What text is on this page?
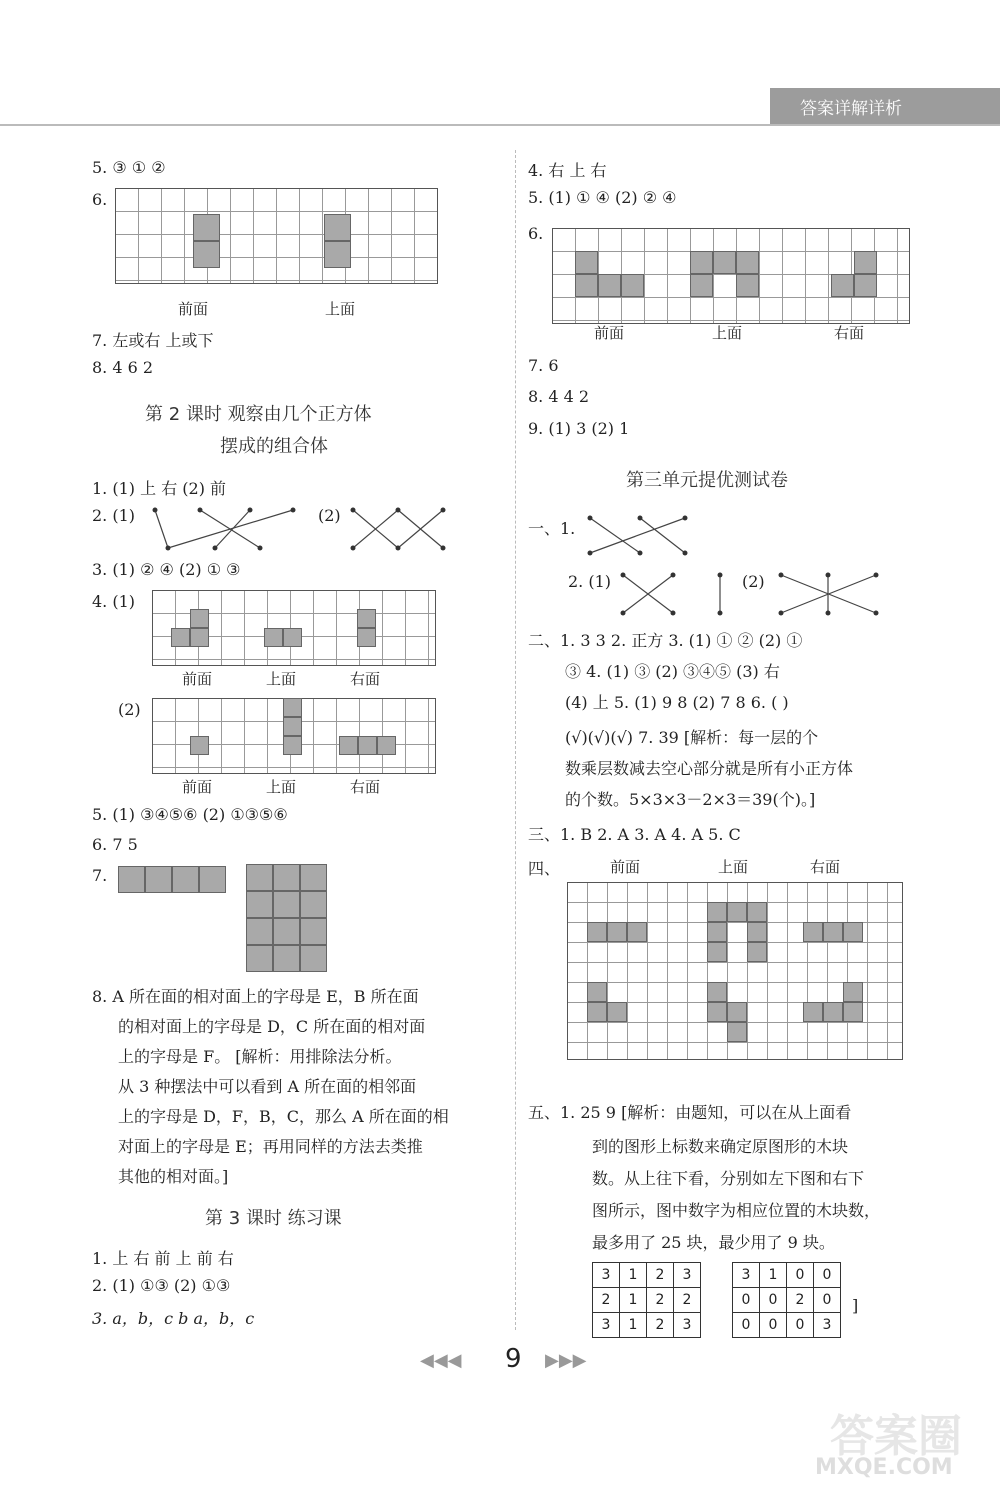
答案详解详析
5. ③ ① ②
6.
前面	上面
7. 左或右 上或下
8. 4 6 2
第 2 课时 观察由几个正方体
摆成的组合体
1. (1) 上 右 (2) 前
2. (1)	(2)
3. (1) ② ④ (2) ① ③
4. (1)
前面	上面	右面
(2)
前面	上面	右面
5. (1) ③④⑤⑥ (2) ①③⑤⑥
6. 7 5
7.
8. A 所在面的相对面上的字母是 E，B 所在面
的相对面上的字母是 D，C 所在面的相对面
上的字母是 F。 [解析：用排除法分析。
从 3 种摆法中可以看到 A 所在面的相邻面
上的字母是 D，F，B，C，那么 A 所在面的相
对面上的字母是 E；再用同样的方法去类推
其他的相对面。]
第 3 课时 练习课
1. 上 右 前 上 前 右
2. (1) ①③ (2) ①③
3. a，b，c b a，b，c
4. 右 上 右
5. (1) ① ④ (2) ② ④
6.
前面	上面	右面
7. 6
8. 4 4 2
9. (1) 3 (2) 1
第三单元提优测试卷
一、1.
2. (1)	(2)
二、1. 3 3 2. 正方 3. (1) ① ② (2) ①
③ 4. (1) ③ (2) ③④⑤ (3) 右
(4) 上 5. (1) 9 8 (2) 7 8 6. ( )
(√)(√)(√) 7. 39 [解析：每一层的个
数乘层数减去空心部分就是所有小正方体
的个数。5×3×3－2×3＝39(个)。]
三、1. B 2. A 3. A 4. A 5. C
四、	前面	上面	右面
五、1. 25 9 [解析：由题知，可以在从上面看
到的图形上标数来确定原图形的木块
数。从上往下看，分别如左下图和右下
图所示，图中数字为相应位置的木块数，
最多用了 25 块，最少用了 9 块。
3	1	2	3
2	1	2	2
3	1	2	3
3	1	0	0
0	0	2	0
0	0	0	3
]
◀◀◀ 9 ▶▶▶
答案圈
MXQE.COM
